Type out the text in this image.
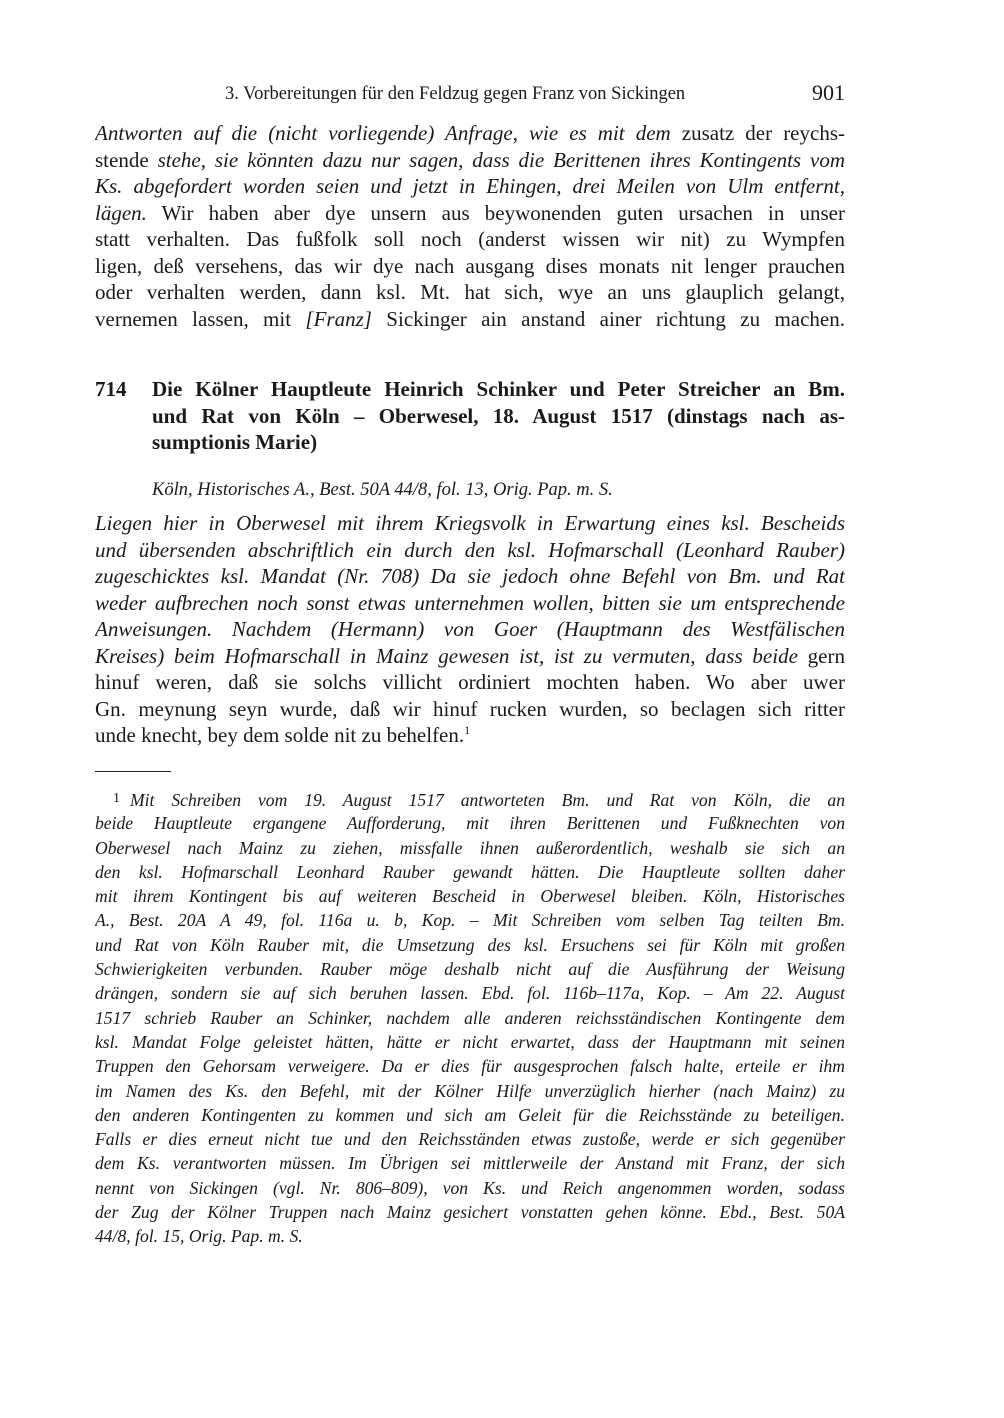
3. Vorbereitungen für den Feldzug gegen Franz von Sickingen	901
Antworten auf die (nicht vorliegende) Anfrage, wie es mit dem zusatz der reychs-
stende stehe, sie könnten dazu nur sagen, dass die Berittenen ihres Kontingents vom
Ks. abgefordert worden seien und jetzt in Ehingen, drei Meilen von Ulm entfernt,
lägen. Wir haben aber dye unsern aus beywonenden guten ursachen in unser
statt verhalten. Das fußfolk soll noch (anderst wissen wir nit) zu Wympfen
ligen, deß versehens, das wir dye nach ausgang dises monats nit lenger prauchen
oder verhalten werden, dann ksl. Mt. hat sich, wye an uns glauplich gelangt,
vernemen lassen, mit [Franz] Sickinger ain anstand ainer richtung zu machen.
714 Die Kölner Hauptleute Heinrich Schinker und Peter Streicher an Bm.
und Rat von Köln – Oberwesel, 18. August 1517 (dinstags nach as-
sumptionis Marie)
Köln, Historisches A., Best. 50A 44/8, fol. 13, Orig. Pap. m. S.
Liegen hier in Oberwesel mit ihrem Kriegsvolk in Erwartung eines ksl. Bescheids
und übersenden abschriftlich ein durch den ksl. Hofmarschall (Leonhard Rauber)
zugeschicktes ksl. Mandat (Nr. 708) Da sie jedoch ohne Befehl von Bm. und Rat
weder aufbrechen noch sonst etwas unternehmen wollen, bitten sie um entsprechende
Anweisungen. Nachdem (Hermann) von Goer (Hauptmann des Westfälischen
Kreises) beim Hofmarschall in Mainz gewesen ist, ist zu vermuten, dass beide gern
hinuf weren, daß sie solchs villicht ordiniert mochten haben. Wo aber uwer
Gn. meynung seyn wurde, daß wir hinuf rucken wurden, so beclagen sich ritter
unde knecht, bey dem solde nit zu behelfen.$^1$
$^1$ Mit Schreiben vom 19. August 1517 antworteten Bm. und Rat von Köln, die an
beide Hauptleute ergangene Aufforderung, mit ihren Berittenen und Fußknechten von
Oberwesel nach Mainz zu ziehen, missfalle ihnen außerordentlich, weshalb sie sich an
den ksl. Hofmarschall Leonhard Rauber gewandt hätten. Die Hauptleute sollten daher
mit ihrem Kontingent bis auf weiteren Bescheid in Oberwesel bleiben. Köln, Historisches
A., Best. 20A A 49, fol. 116a u. b, Kop. – Mit Schreiben vom selben Tag teilten Bm.
und Rat von Köln Rauber mit, die Umsetzung des ksl. Ersuchens sei für Köln mit großen
Schwierigkeiten verbunden. Rauber möge deshalb nicht auf die Ausführung der Weisung
drängen, sondern sie auf sich beruhen lassen. Ebd. fol. 116b–117a, Kop. – Am 22. August
1517 schrieb Rauber an Schinker, nachdem alle anderen reichsständischen Kontingente dem
ksl. Mandat Folge geleistet hätten, hätte er nicht erwartet, dass der Hauptmann mit seinen
Truppen den Gehorsam verweigere. Da er dies für ausgesprochen falsch halte, erteile er ihm
im Namen des Ks. den Befehl, mit der Kölner Hilfe unverzüglich hierher (nach Mainz) zu
den anderen Kontingenten zu kommen und sich am Geleit für die Reichsstände zu beteiligen.
Falls er dies erneut nicht tue und den Reichsständen etwas zustoße, werde er sich gegenüber
dem Ks. verantworten müssen. Im Übrigen sei mittlerweile der Anstand mit Franz, der sich
nennt von Sickingen (vgl. Nr. 806–809), von Ks. und Reich angenommen worden, sodass
der Zug der Kölner Truppen nach Mainz gesichert vonstatten gehen könne. Ebd., Best. 50A
44/8, fol. 15, Orig. Pap. m. S.
